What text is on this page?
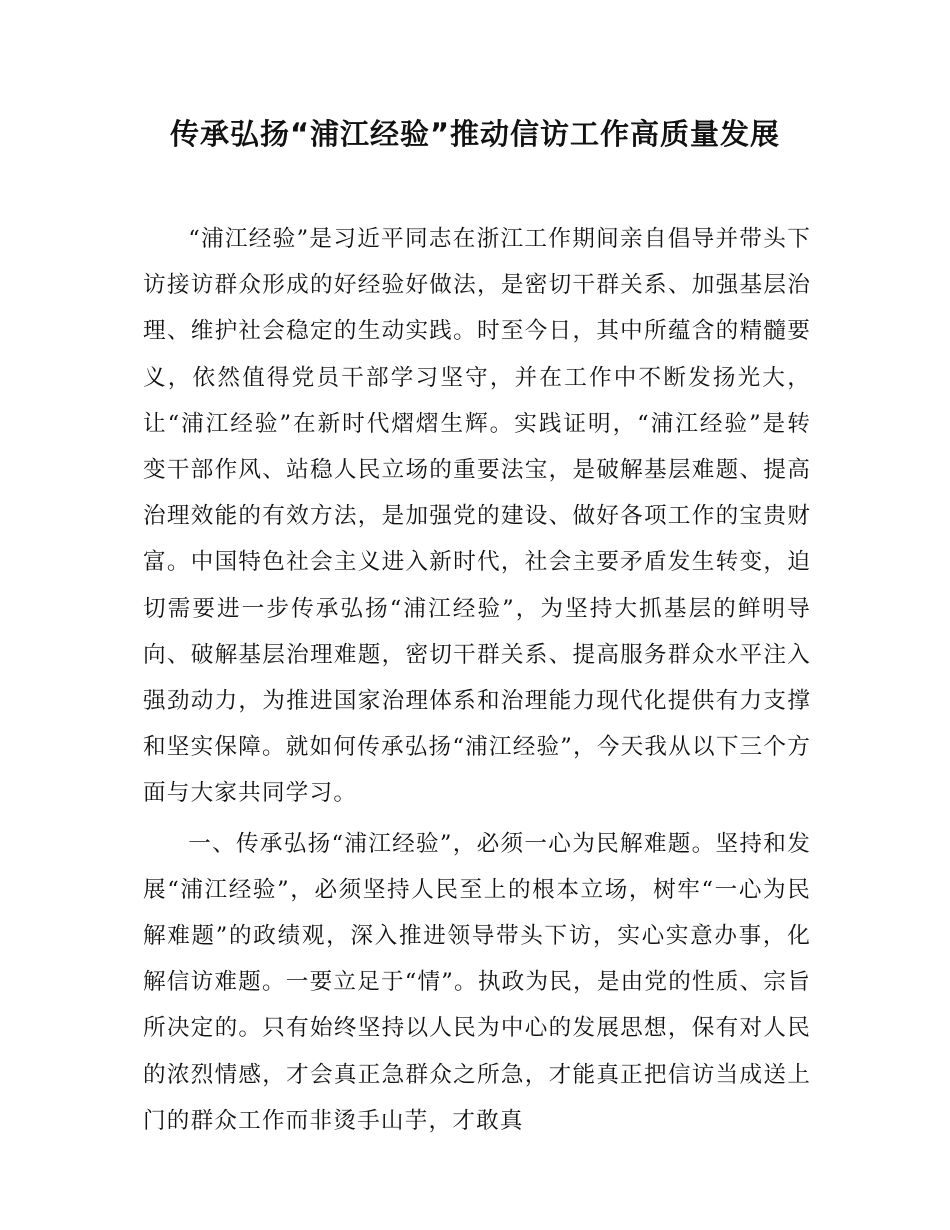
传承弘扬“浦江经验”推动信访工作高质量发展

“浦江经验”是习近平同志在浙江工作期间亲自倡导并带头下访接访群众形成的好经验好做法，是密切干群关系、加强基层治理、维护社会稳定的生动实践。时至今日，其中所蕴含的精髓要义，依然值得党员干部学习坚守，并在工作中不断发扬光大，让“浦江经验”在新时代熠熠生辉。实践证明，“浦江经验”是转变干部作风、站稳人民立场的重要法宝，是破解基层难题、提高治理效能的有效方法，是加强党的建设、做好各项工作的宝贵财富。中国特色社会主义进入新时代，社会主要矛盾发生转变，迫切需要进一步传承弘扬“浦江经验”，为坚持大抓基层的鲜明导向、破解基层治理难题，密切干群关系、提高服务群众水平注入强劲动力，为推进国家治理体系和治理能力现代化提供有力支撑和坚实保障。就如何传承弘扬“浦江经验”，今天我从以下三个方面与大家共同学习。

一、传承弘扬“浦江经验”，必须一心为民解难题。坚持和发展“浦江经验”，必须坚持人民至上的根本立场，树牢“一心为民解难题”的政绩观，深入推进领导带头下访，实心实意办事，化解信访难题。一要立足于“情”。执政为民，是由党的性质、宗旨所决定的。只有始终坚持以人民为中心的发展思想，保有对人民的浓烈情感，才会真正急群众之所急，才能真正把信访当成送上门的群众工作而非烫手山芋，才敢真
